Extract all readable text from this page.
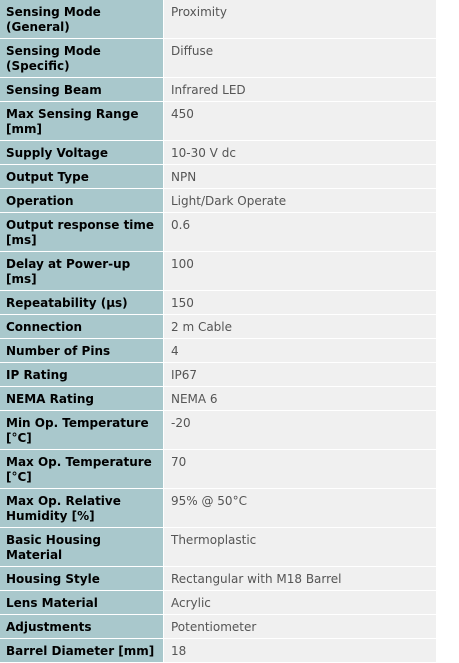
Sensing Mode (General)	Proximity
Sensing Mode (Specific)	Diffuse
Sensing Beam	Infrared LED
Max Sensing Range [mm]	450
Supply Voltage	10-30 V dc
Output Type	NPN
Operation	Light/Dark Operate
Output response time [ms]	0.6
Delay at Power-up [ms]	100
Repeatability (µs)	150
Connection	2 m Cable
Number of Pins	4
IP Rating	IP67
NEMA Rating	NEMA 6
Min Op. Temperature [°C]	-20
Max Op. Temperature [°C]	70
Max Op. Relative Humidity [%]	95% @ 50°C
Basic Housing Material	Thermoplastic
Housing Style	Rectangular with M18 Barrel
Lens Material	Acrylic
Adjustments	Potentiometer
Barrel Diameter [mm]	18
